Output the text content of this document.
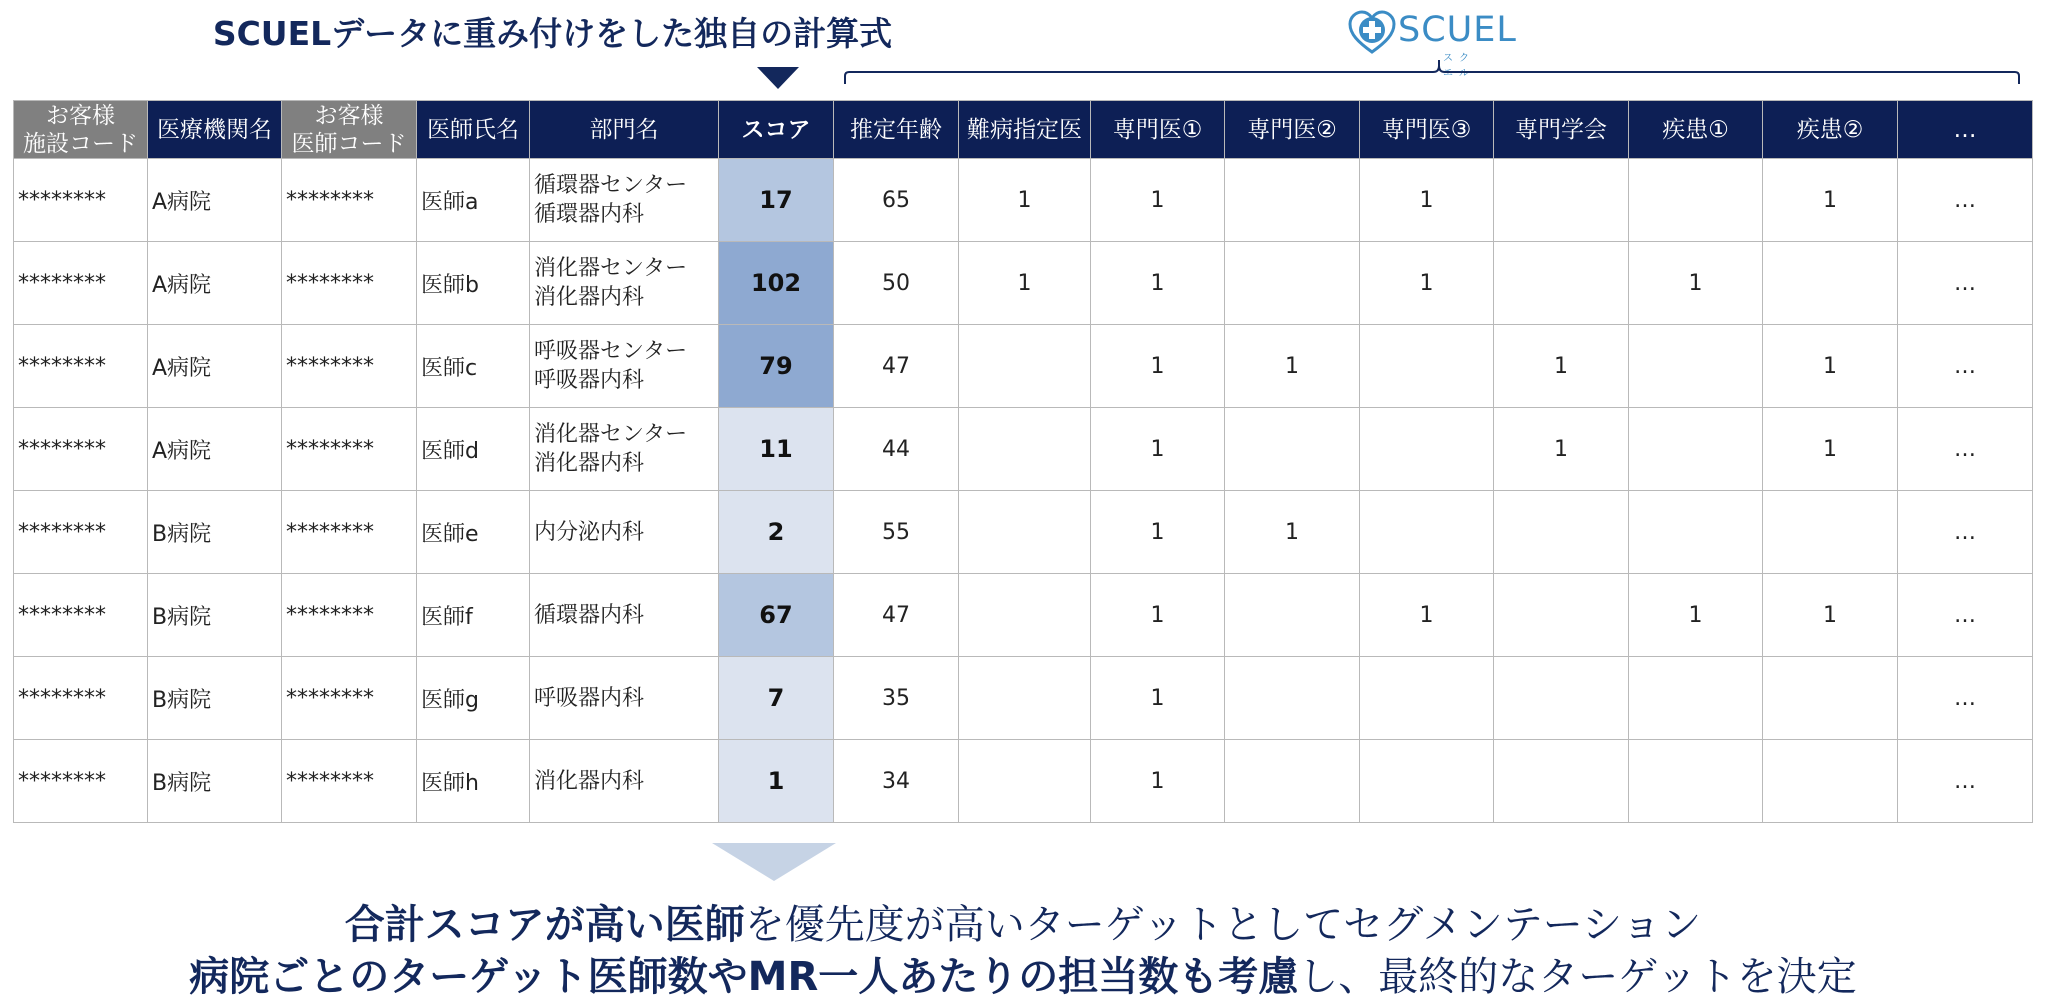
SCUELデータに重み付けをした独自の計算式	SCUEL
スクエル
お客様
施設コード	医療機関名	お客様
医師コード	医師氏名	部門名	スコア	推定年齢	難病指定医	専門医①	専門医②	専門医③	専門学会	疾患①	疾患②	…
********	A病院	********	医師a	循環器センター
循環器内科	17	65	1	1		1			1	…
********	A病院	********	医師b	消化器センター
消化器内科	102	50	1	1		1		1		…
********	A病院	********	医師c	呼吸器センター
呼吸器内科	79	47		1	1		1		1	…
********	A病院	********	医師d	消化器センター
消化器内科	11	44		1			1		1	…
********	B病院	********	医師e	内分泌内科	2	55		1	1					…
********	B病院	********	医師f	循環器内科	67	47		1		1		1	1	…
********	B病院	********	医師g	呼吸器内科	7	35		1						…
********	B病院	********	医師h	消化器内科	1	34		1						…
合計スコアが高い医師を優先度が高いターゲットとしてセグメンテーション
病院ごとのターゲット医師数やMR一人あたりの担当数も考慮し、最終的なターゲットを決定
